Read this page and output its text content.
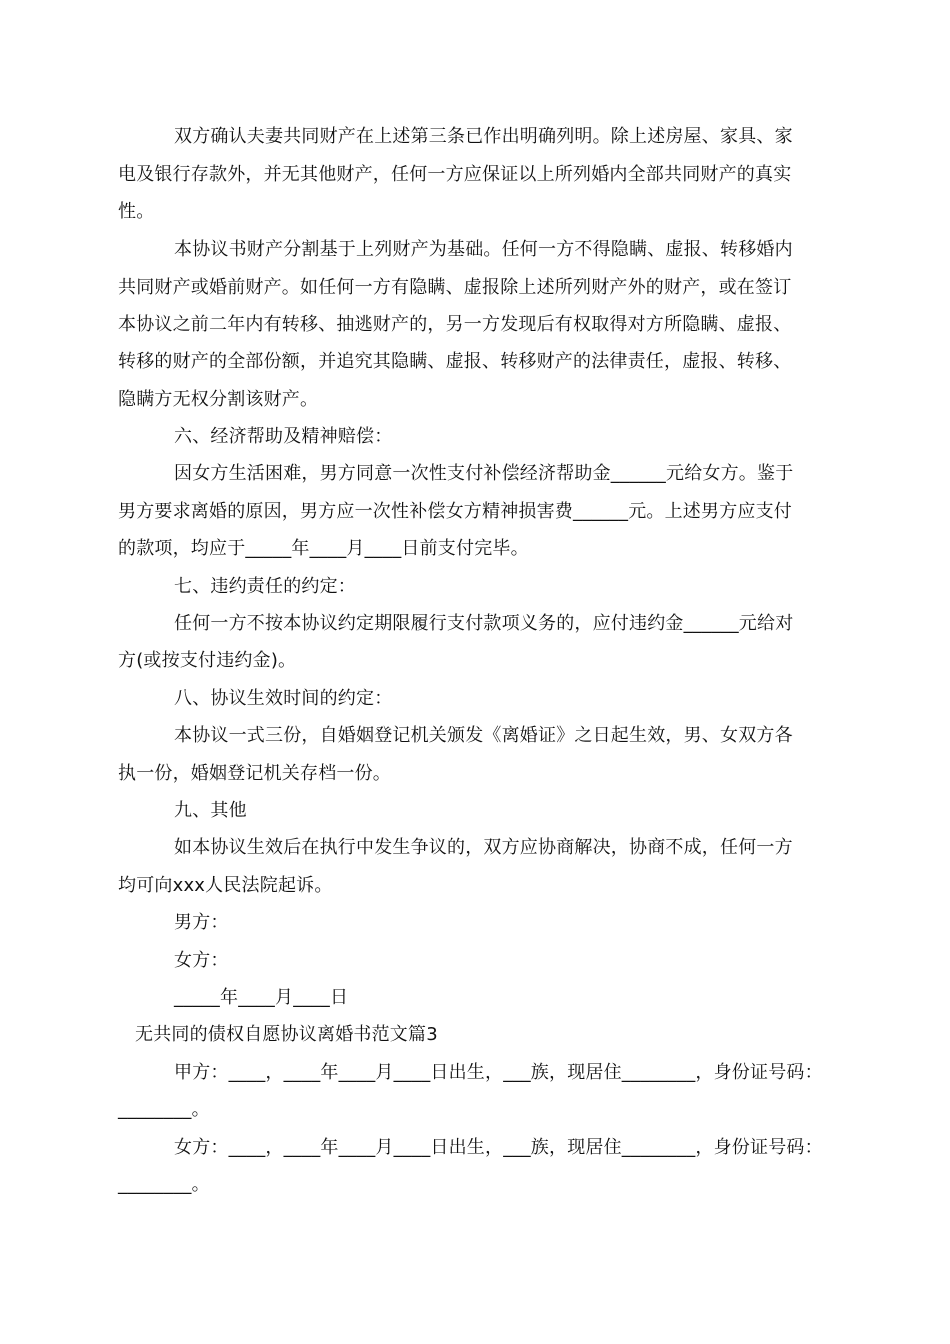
双方确认夫妻共同财产在上述第三条已作出明确列明。除上述房屋、家具、家
电及银行存款外，并无其他财产，任何一方应保证以上所列婚内全部共同财产的真实
性。
本协议书财产分割基于上列财产为基础。任何一方不得隐瞒、虚报、转移婚内
共同财产或婚前财产。如任何一方有隐瞒、虚报除上述所列财产外的财产，或在签订
本协议之前二年内有转移、抽逃财产的，另一方发现后有权取得对方所隐瞒、虚报、
转移的财产的全部份额，并追究其隐瞒、虚报、转移财产的法律责任，虚报、转移、
隐瞒方无权分割该财产。
六、经济帮助及精神赔偿：
因女方生活困难，男方同意一次性支付补偿经济帮助金______元给女方。鉴于
男方要求离婚的原因，男方应一次性补偿女方精神损害费______元。上述男方应支付
的款项，均应于_____年____月____日前支付完毕。
七、违约责任的约定：
任何一方不按本协议约定期限履行支付款项义务的，应付违约金______元给对
方(或按支付违约金)。
八、协议生效时间的约定：
本协议一式三份，自婚姻登记机关颁发《离婚证》之日起生效，男、女双方各
执一份，婚姻登记机关存档一份。
九、其他
如本协议生效后在执行中发生争议的，双方应协商解决，协商不成，任何一方
均可向xxx人民法院起诉。
男方：
女方：
_____年____月____日
无共同的债权自愿协议离婚书范文篇3
甲方：____，____年____月____日出生，___族，现居住________，身份证号码：
________。
女方：____，____年____月____日出生，___族，现居住________，身份证号码：
________。
